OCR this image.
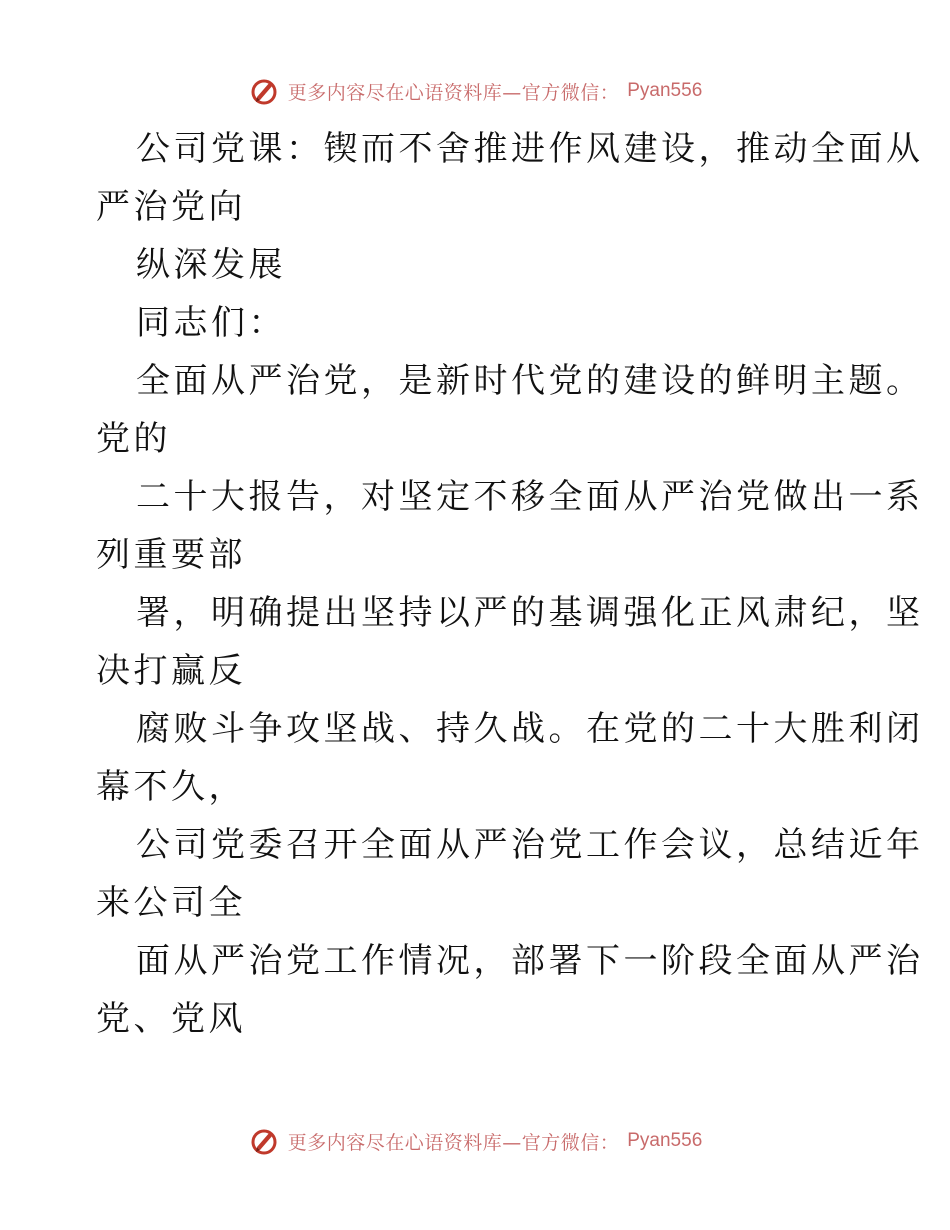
更多内容尽在心语资料库—官方微信： Pyan556
公司党课：锲而不舍推进作风建设，推动全面从
严治党向
纵深发展
同志们：
全面从严治党，是新时代党的建设的鲜明主题。
党的
二十大报告，对坚定不移全面从严治党做出一系
列重要部
署，明确提出坚持以严的基调强化正风肃纪，坚
决打赢反
腐败斗争攻坚战、持久战。在党的二十大胜利闭
幕不久，
公司党委召开全面从严治党工作会议，总结近年
来公司全
面从严治党工作情况，部署下一阶段全面从严治
党、党风
更多内容尽在心语资料库—官方微信： Pyan556
